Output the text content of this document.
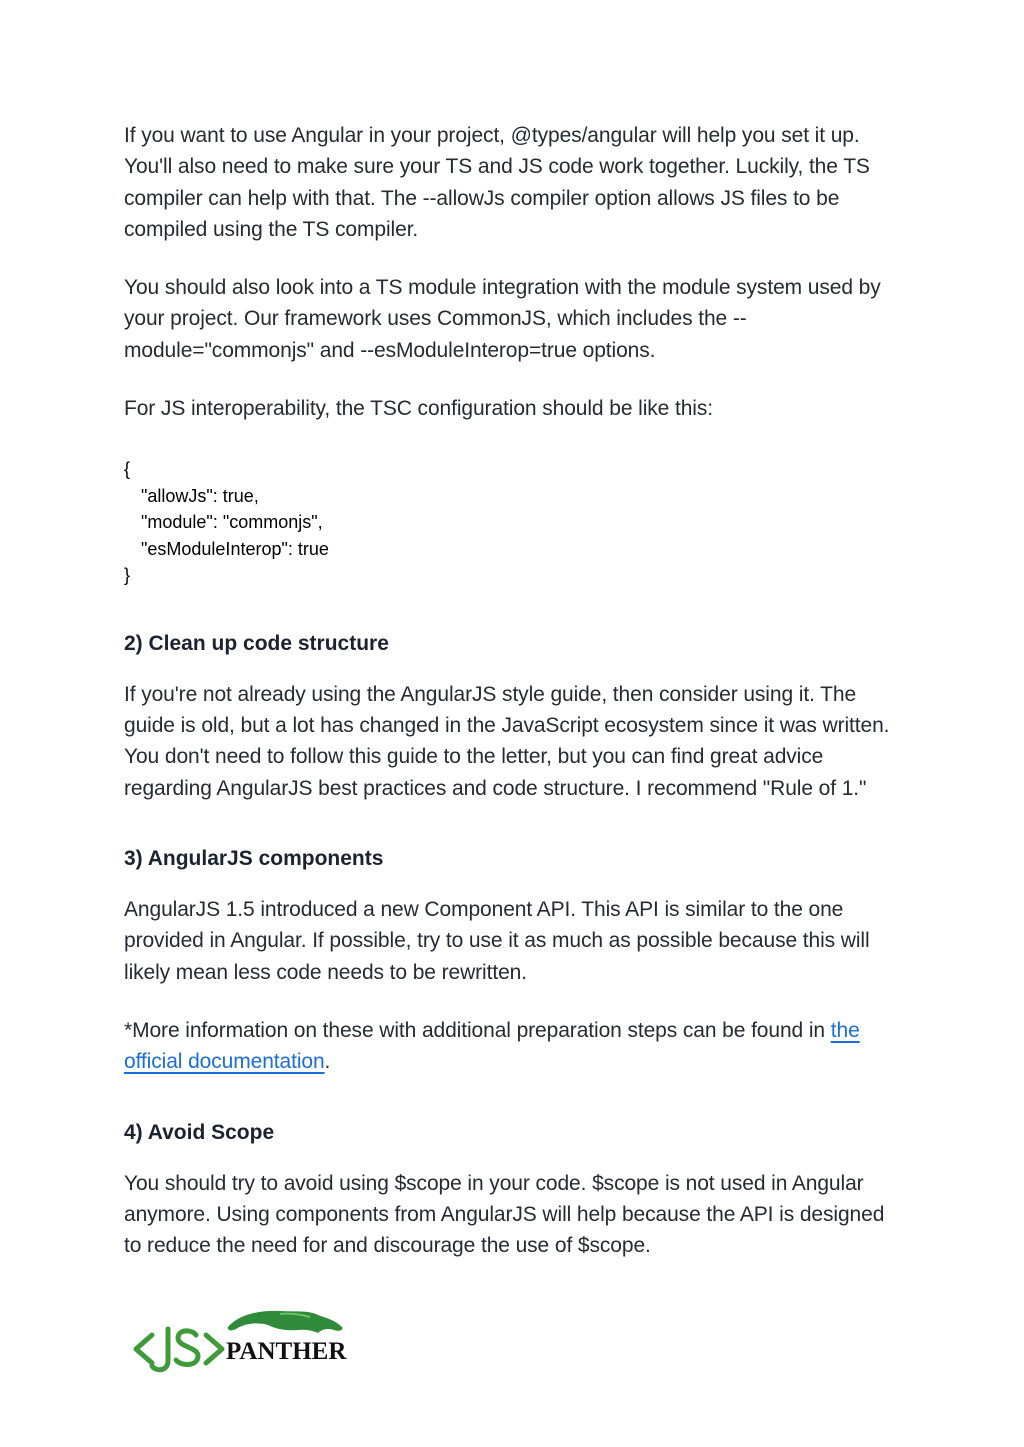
If you want to use Angular in your project, @types/angular will help you set it up. You'll also need to make sure your TS and JS code work together. Luckily, the TS compiler can help with that. The --allowJs compiler option allows JS files to be compiled using the TS compiler.

You should also look into a TS module integration with the module system used by your project. Our framework uses CommonJS, which includes the --module="commonjs" and --esModuleInterop=true options.

For JS interoperability, the TSC configuration should be like this:

{
"allowJs": true,
"module": "commonjs",
"esModuleInterop": true
}
2) Clean up code structure

If you're not already using the AngularJS style guide, then consider using it. The guide is old, but a lot has changed in the JavaScript ecosystem since it was written. You don't need to follow this guide to the letter, but you can find great advice regarding AngularJS best practices and code structure. I recommend "Rule of 1."

3) AngularJS components

AngularJS 1.5 introduced a new Component API. This API is similar to the one provided in Angular. If possible, try to use it as much as possible because this will likely mean less code needs to be rewritten.

*More information on these with additional preparation steps can be found in the official documentation.

4) Avoid Scope

You should try to avoid using $scope in your code. $scope is not used in Angular anymore. Using components from AngularJS will help because the API is designed to reduce the need for and discourage the use of $scope.

PANTHER
